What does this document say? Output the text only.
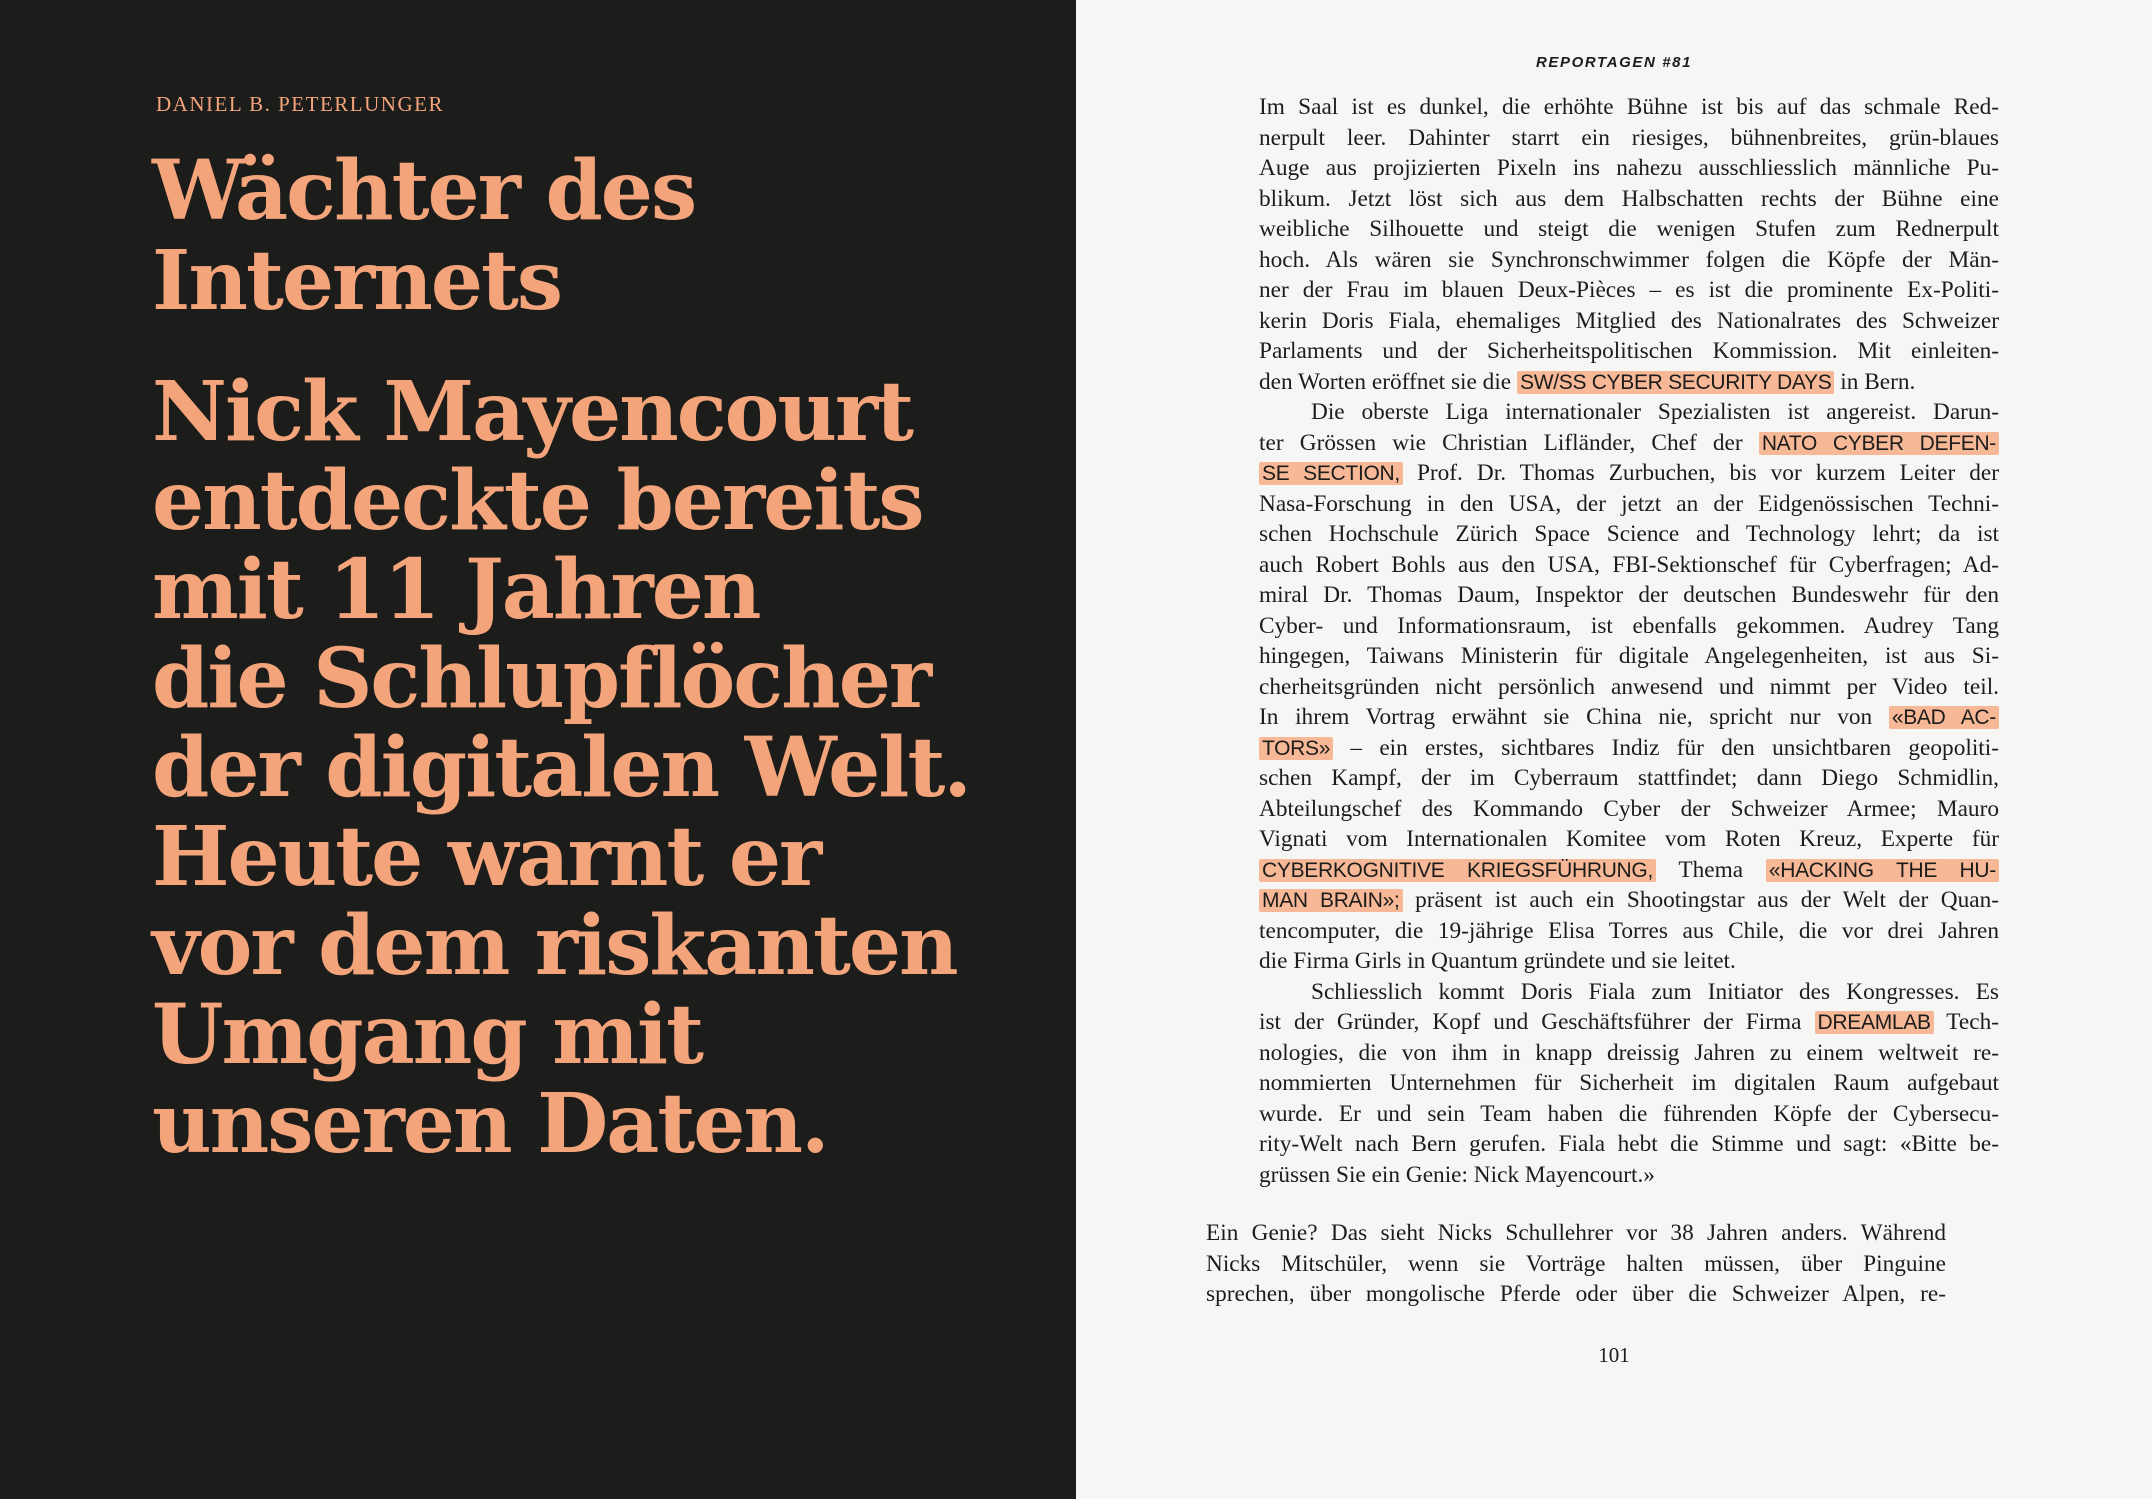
DANIEL B. PETERLUNGER
Wächter des
Internets
Nick Mayencourt
entdeckte bereits
mit 11 Jahren
die Schlupflöcher
der digitalen Welt.
Heute warnt er
vor dem riskanten
Umgang mit
unseren Daten.
REPORTAGEN #81
Im Saal ist es dunkel, die erhöhte Bühne ist bis auf das schmale Red-
nerpult leer. Dahinter starrt ein riesiges, bühnenbreites, grün-blaues
Auge aus projizierten Pixeln ins nahezu ausschliesslich männliche Pu-
blikum. Jetzt löst sich aus dem Halbschatten rechts der Bühne eine
weibliche Silhouette und steigt die wenigen Stufen zum Rednerpult
hoch. Als wären sie Synchronschwimmer folgen die Köpfe der Män-
ner der Frau im blauen Deux-Pièces – es ist die prominente Ex-Politi-
kerin Doris Fiala, ehemaliges Mitglied des Nationalrates des Schweizer
Parlaments und der Sicherheitspolitischen Kommission. Mit einleiten-
den Worten eröffnet sie die SW/SS CYBER SECURITY DAYS in Bern.
Die oberste Liga internationaler Spezialisten ist angereist. Darun-
ter Grössen wie Christian Lifländer, Chef der NATO CYBER DEFEN-
SE SECTION, Prof. Dr. Thomas Zurbuchen, bis vor kurzem Leiter der
Nasa-Forschung in den USA, der jetzt an der Eidgenössischen Techni-
schen Hochschule Zürich Space Science and Technology lehrt; da ist
auch Robert Bohls aus den USA, FBI-Sektionschef für Cyberfragen; Ad-
miral Dr. Thomas Daum, Inspektor der deutschen Bundeswehr für den
Cyber- und Informationsraum, ist ebenfalls gekommen. Audrey Tang
hingegen, Taiwans Ministerin für digitale Angelegenheiten, ist aus Si-
cherheitsgründen nicht persönlich anwesend und nimmt per Video teil.
In ihrem Vortrag erwähnt sie China nie, spricht nur von «BAD AC-
TORS» – ein erstes, sichtbares Indiz für den unsichtbaren geopoliti-
schen Kampf, der im Cyberraum stattfindet; dann Diego Schmidlin,
Abteilungschef des Kommando Cyber der Schweizer Armee; Mauro
Vignati vom Internationalen Komitee vom Roten Kreuz, Experte für
CYBERKOGNITIVE KRIEGSFÜHRUNG, Thema «HACKING THE HU-
MAN BRAIN»; präsent ist auch ein Shootingstar aus der Welt der Quan-
tencomputer, die 19-jährige Elisa Torres aus Chile, die vor drei Jahren
die Firma Girls in Quantum gründete und sie leitet.
Schliesslich kommt Doris Fiala zum Initiator des Kongresses. Es
ist der Gründer, Kopf und Geschäftsführer der Firma DREAMLAB Tech-
nologies, die von ihm in knapp dreissig Jahren zu einem weltweit re-
nommierten Unternehmen für Sicherheit im digitalen Raum aufgebaut
wurde. Er und sein Team haben die führenden Köpfe der Cybersecu-
rity-Welt nach Bern gerufen. Fiala hebt die Stimme und sagt: «Bitte be-
grüssen Sie ein Genie: Nick Mayencourt.»
Ein Genie? Das sieht Nicks Schullehrer vor 38 Jahren anders. Während
Nicks Mitschüler, wenn sie Vorträge halten müssen, über Pinguine
sprechen, über mongolische Pferde oder über die Schweizer Alpen, re-
101
